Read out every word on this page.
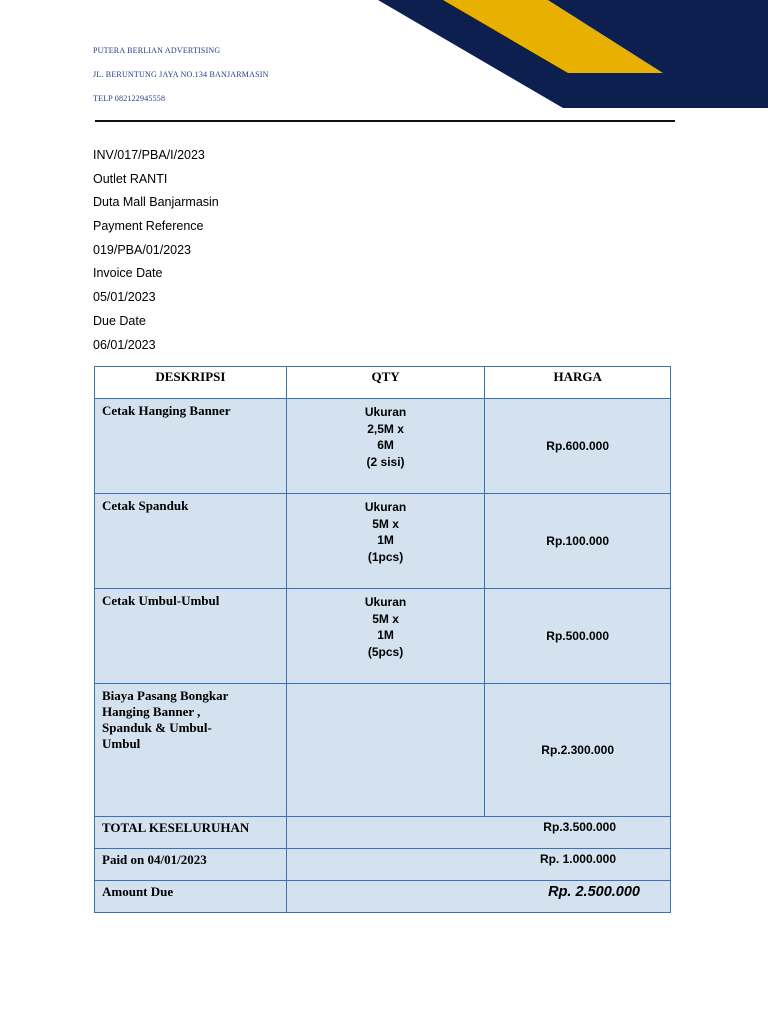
PUTERA BERLIAN ADVERTISING
JL. BERUNTUNG JAYA NO.134 BANJARMASIN
TELP 082122945558
INV/017/PBA/I/2023
Outlet RANTI
Duta Mall Banjarmasin
Payment Reference
019/PBA/01/2023
Invoice Date
05/01/2023
Due Date
06/01/2023
DESKRIPSI	QTY	HARGA

Cetak Hanging Banner	Ukuran
2,5M x
6M
(2 sisi)	Rp.600.000

Cetak Spanduk	Ukuran
5M x
1M
(1pcs)	Rp.100.000

Cetak Umbul-Umbul	Ukuran
5M x
1M
(5pcs)	Rp.500.000

Biaya Pasang Bongkar
Hanging Banner ,
Spanduk & Umbul-
Umbul		Rp.2.300.000
TOTAL KESELURUHAN	Rp.3.500.000	
Paid on 04/01/2023	Rp. 1.000.000	
Amount Due	Rp. 2.500.000	
